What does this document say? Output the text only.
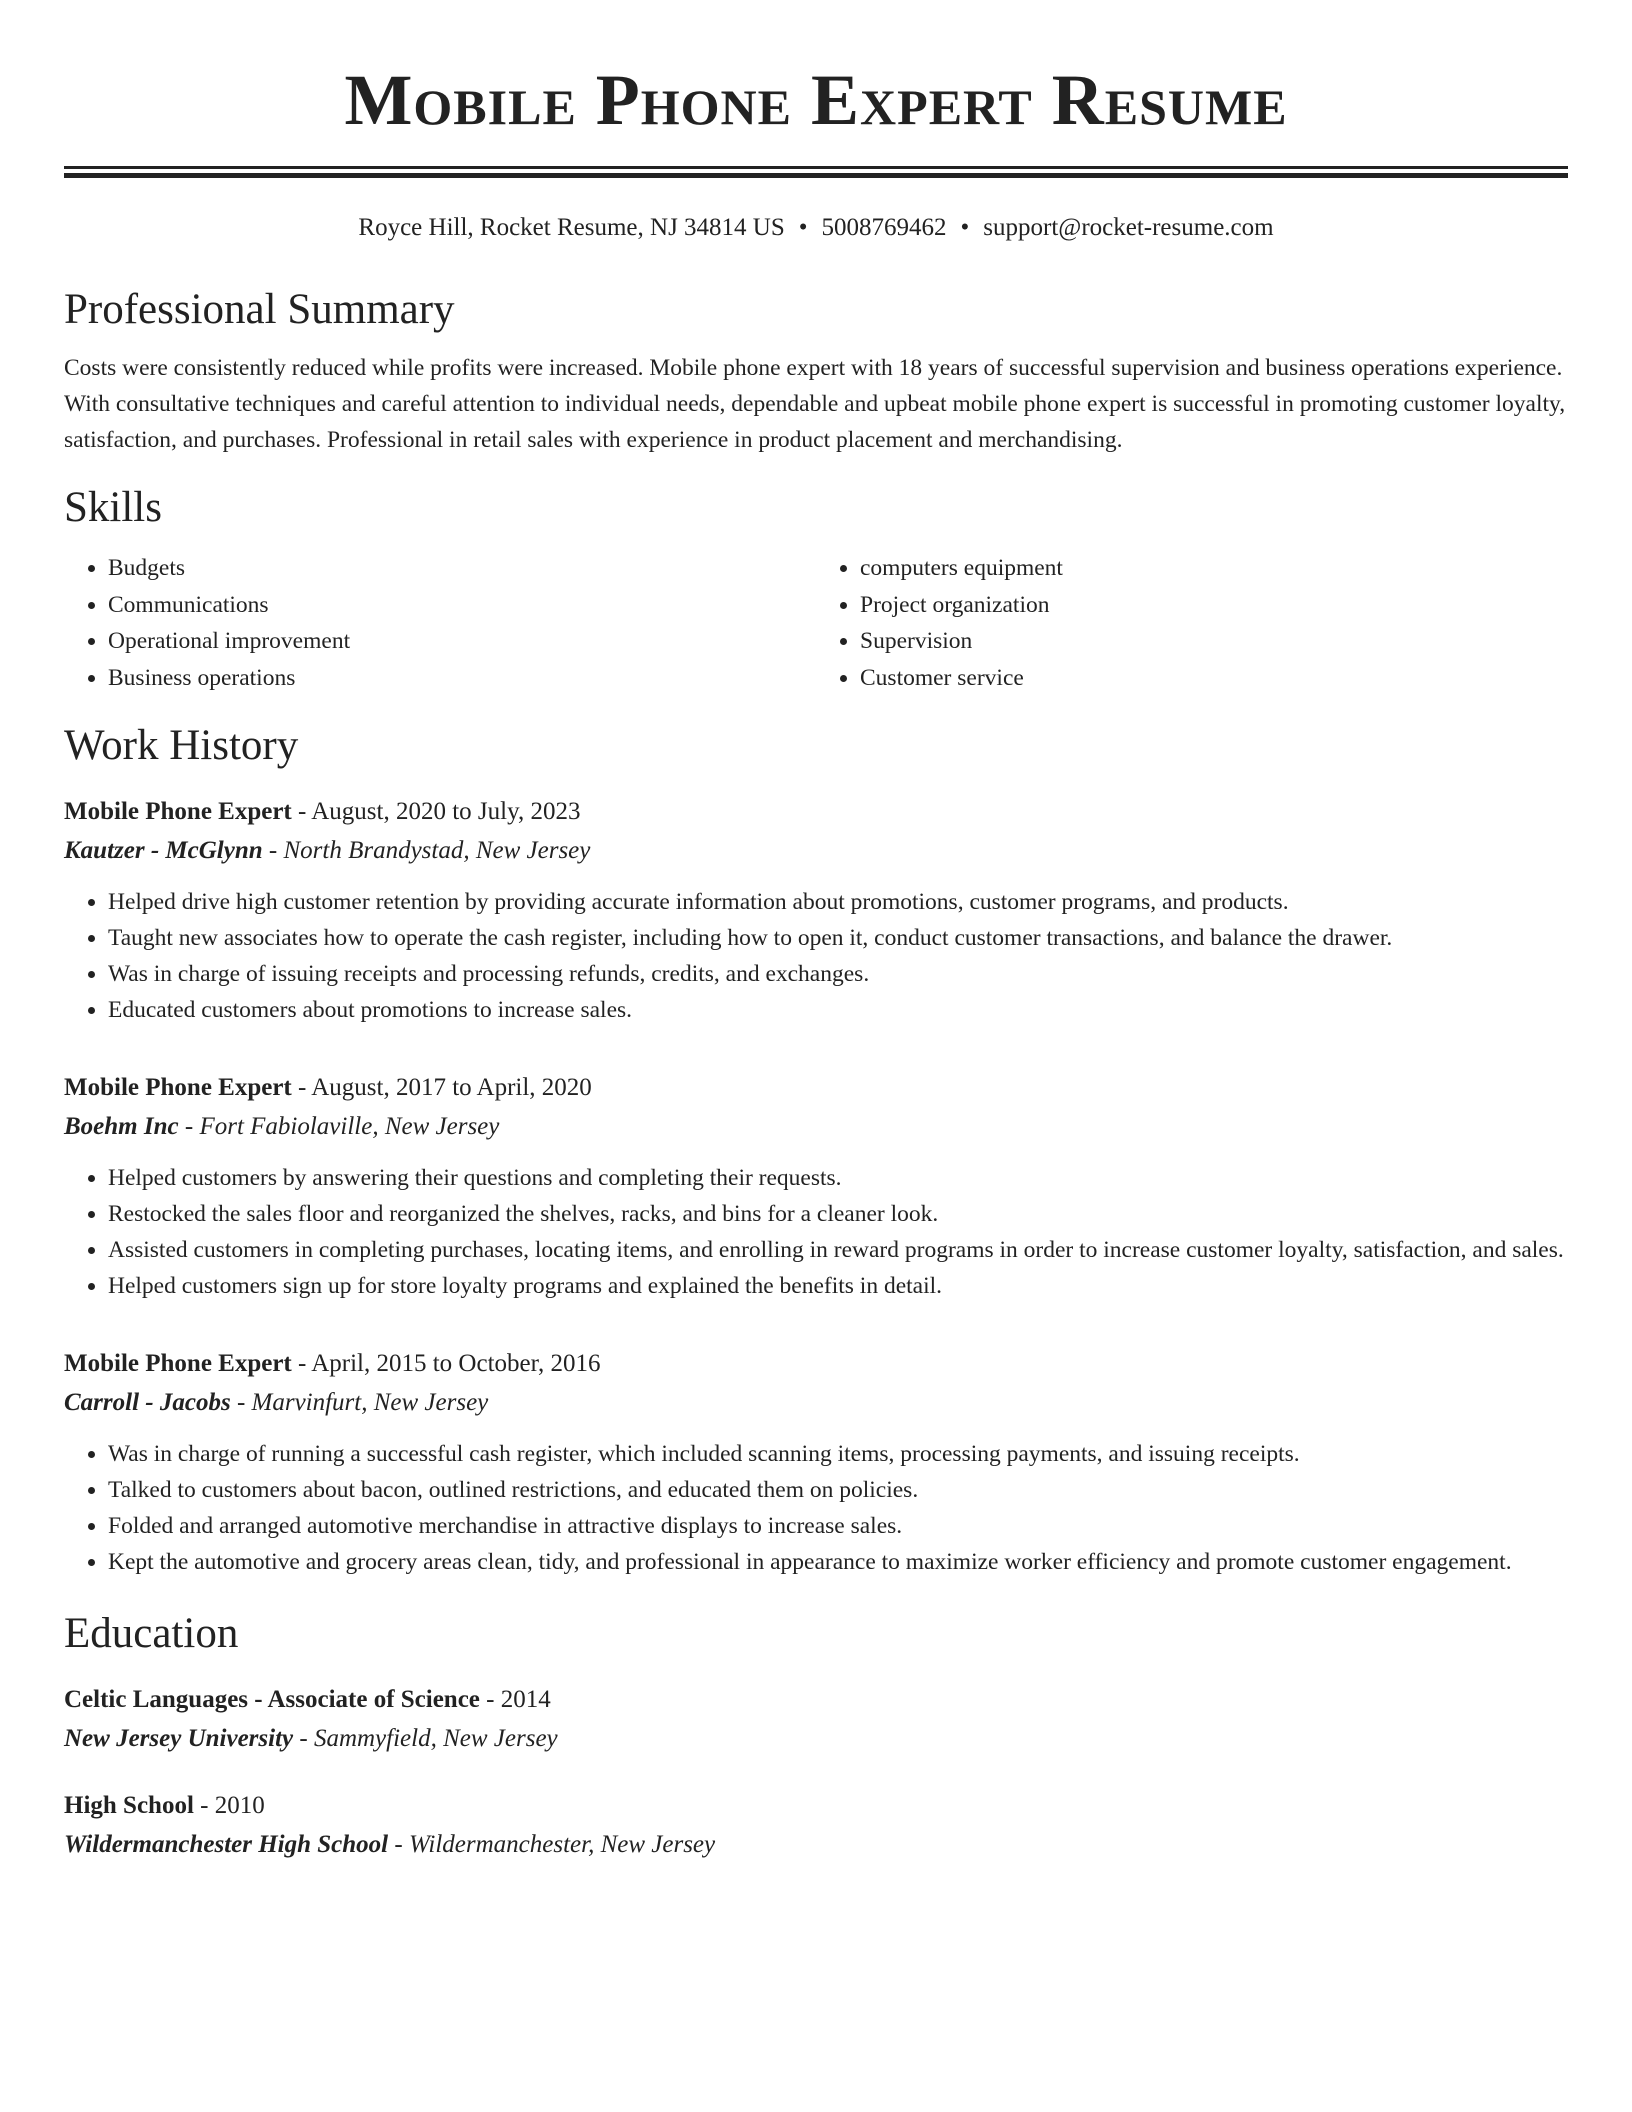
Mobile Phone Expert Resume
Royce Hill, Rocket Resume, NJ 34814 US • 5008769462 • support@rocket-resume.com
Professional Summary

Costs were consistently reduced while profits were increased. Mobile phone expert with 18 years of successful supervision and business operations experience. With consultative techniques and careful attention to individual needs, dependable and upbeat mobile phone expert is successful in promoting customer loyalty, satisfaction, and purchases. Professional in retail sales with experience in product placement and merchandising.

Skills
• Budgets
• Communications
• Operational improvement
• Business operations
• computers equipment
• Project organization
• Supervision
• Customer service
Work History
Mobile Phone Expert - August, 2020 to July, 2023
Kautzer - McGlynn - North Brandystad, New Jersey
• Helped drive high customer retention by providing accurate information about promotions, customer programs, and products.
• Taught new associates how to operate the cash register, including how to open it, conduct customer transactions, and balance the drawer.
• Was in charge of issuing receipts and processing refunds, credits, and exchanges.
• Educated customers about promotions to increase sales.
Mobile Phone Expert - August, 2017 to April, 2020
Boehm Inc - Fort Fabiolaville, New Jersey
• Helped customers by answering their questions and completing their requests.
• Restocked the sales floor and reorganized the shelves, racks, and bins for a cleaner look.
• Assisted customers in completing purchases, locating items, and enrolling in reward programs in order to increase customer loyalty, satisfaction, and sales.
• Helped customers sign up for store loyalty programs and explained the benefits in detail.
Mobile Phone Expert - April, 2015 to October, 2016
Carroll - Jacobs - Marvinfurt, New Jersey
• Was in charge of running a successful cash register, which included scanning items, processing payments, and issuing receipts.
• Talked to customers about bacon, outlined restrictions, and educated them on policies.
• Folded and arranged automotive merchandise in attractive displays to increase sales.
• Kept the automotive and grocery areas clean, tidy, and professional in appearance to maximize worker efficiency and promote customer engagement.
Education
Celtic Languages - Associate of Science - 2014
New Jersey University - Sammyfield, New Jersey
High School - 2010
Wildermanchester High School - Wildermanchester, New Jersey
